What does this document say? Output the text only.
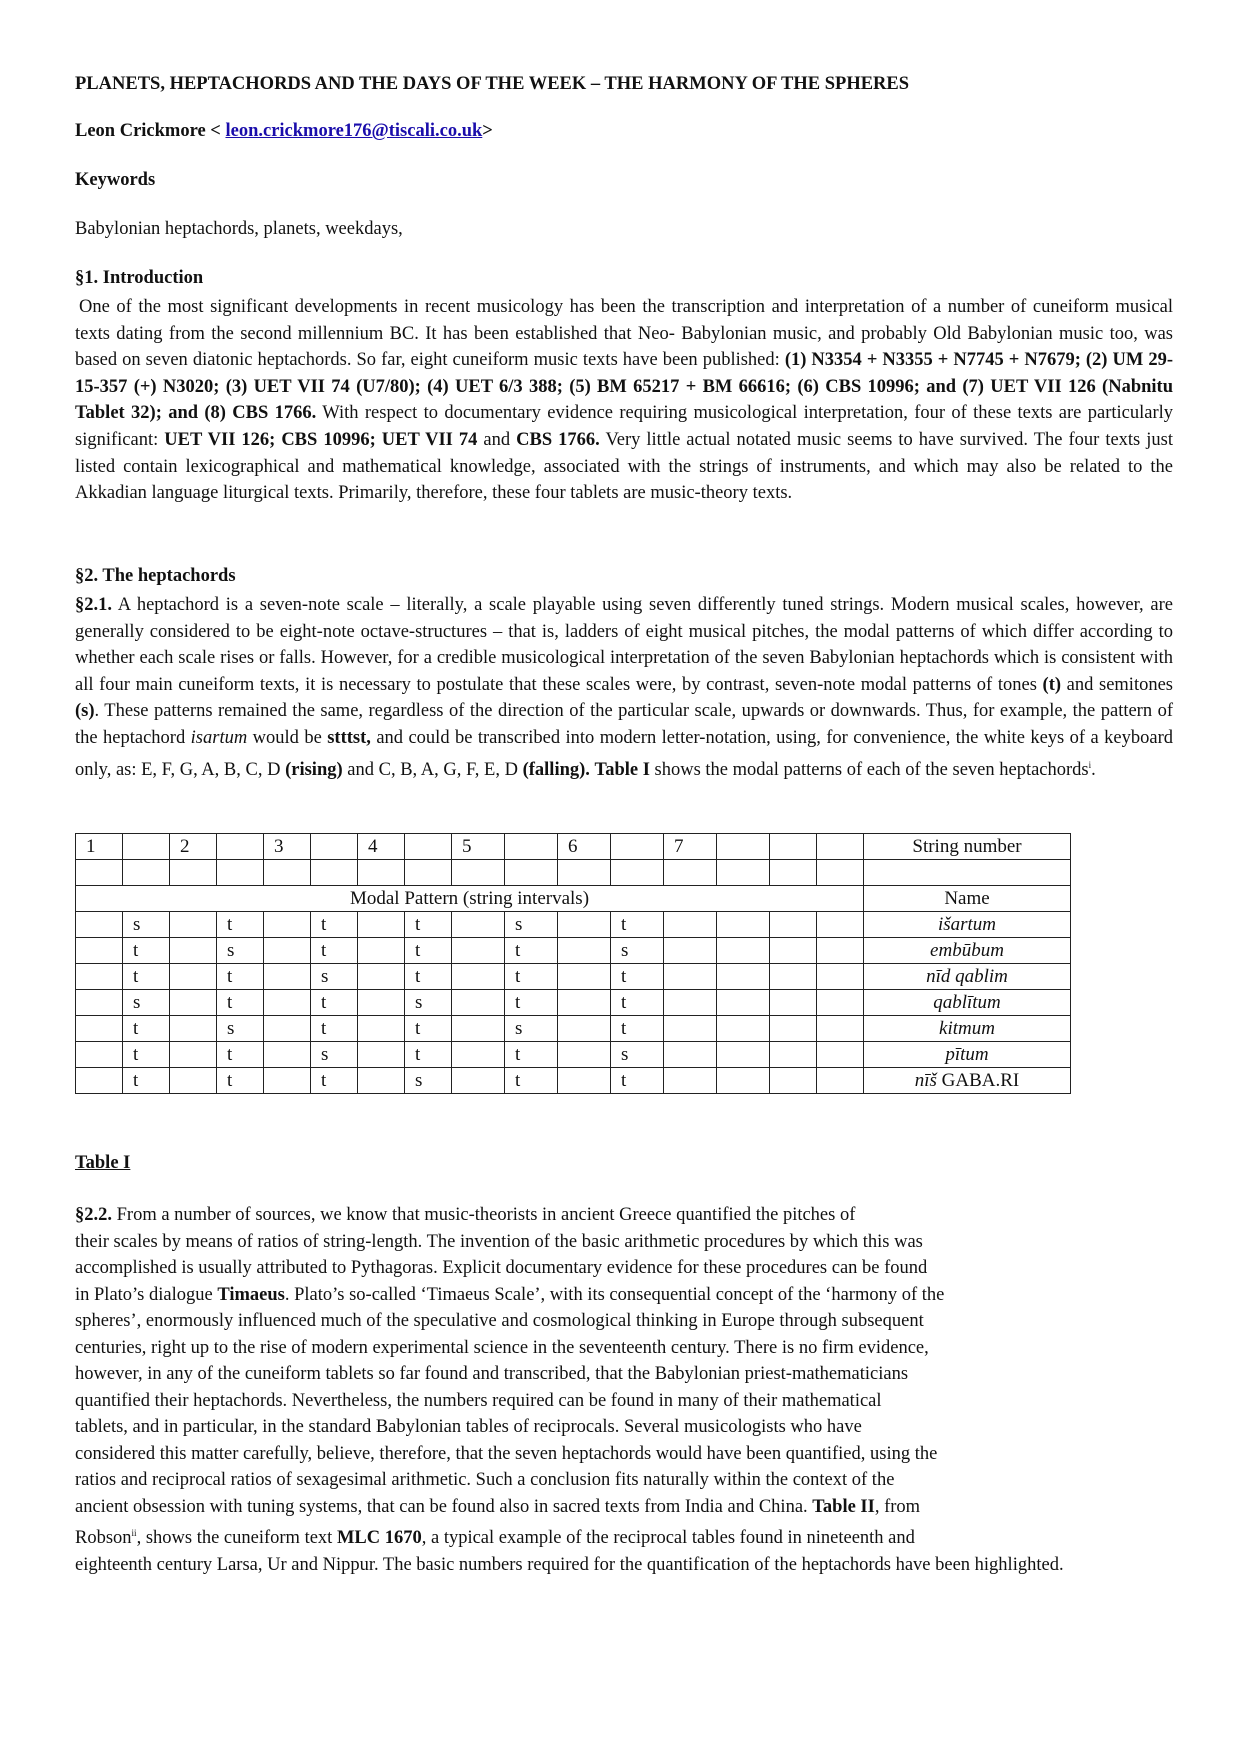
PLANETS, HEPTACHORDS AND THE DAYS OF THE WEEK – THE HARMONY OF THE SPHERES
Leon Crickmore < leon.crickmore176@tiscali.co.uk>
Keywords
Babylonian heptachords, planets, weekdays,
§1. Introduction
One of the most significant developments in recent musicology has been the transcription and interpretation of a number of cuneiform musical texts dating from the second millennium BC. It has been established that Neo- Babylonian music, and probably Old Babylonian music too, was based on seven diatonic heptachords. So far, eight cuneiform music texts have been published: (1) N3354 + N3355 + N7745 + N7679; (2) UM 29-15-357 (+) N3020; (3) UET VII 74 (U7/80); (4) UET 6/3 388; (5) BM 65217 + BM 66616; (6) CBS 10996; and (7) UET VII 126 (Nabnitu Tablet 32); and (8) CBS 1766. With respect to documentary evidence requiring musicological interpretation, four of these texts are particularly significant: UET VII 126; CBS 10996; UET VII 74 and CBS 1766. Very little actual notated music seems to have survived. The four texts just listed contain lexicographical and mathematical knowledge, associated with the strings of instruments, and which may also be related to the Akkadian language liturgical texts. Primarily, therefore, these four tablets are music-theory texts.
§2. The heptachords
§2.1. A heptachord is a seven-note scale – literally, a scale playable using seven differently tuned strings. Modern musical scales, however, are generally considered to be eight-note octave-structures – that is, ladders of eight musical pitches, the modal patterns of which differ according to whether each scale rises or falls. However, for a credible musicological interpretation of the seven Babylonian heptachords which is consistent with all four main cuneiform texts, it is necessary to postulate that these scales were, by contrast, seven-note modal patterns of tones (t) and semitones (s). These patterns remained the same, regardless of the direction of the particular scale, upwards or downwards. Thus, for example, the pattern of the heptachord isartum would be stttst, and could be transcribed into modern letter-notation, using, for convenience, the white keys of a keyboard only, as: E, F, G, A, B, C, D (rising) and C, B, A, G, F, E, D (falling). Table I shows the modal patterns of each of the seven heptachords$^i$.
1		2		3		4		5		6		7				String number

Modal Pattern (string intervals)																Name
	s		t		t		t		s		t					išartum
	t		s		t		t		t		s					embūbum
	t		t		s		t		t		t					nīd qablim
	s		t		t		s		t		t					qablītum
	t		s		t		t		s		t					kitmum
	t		t		s		t		t		s					pītum
	t		t		t		s		t		t					nīš GABA.RI
Table I
§2.2. From a number of sources, we know that music-theorists in ancient Greece quantified the pitches of
their scales by means of ratios of string-length. The invention of the basic arithmetic procedures by which this was
accomplished is usually attributed to Pythagoras. Explicit documentary evidence for these procedures can be found
in Plato’s dialogue Timaeus. Plato’s so-called ‘Timaeus Scale’, with its consequential concept of the ‘harmony of the
spheres’, enormously influenced much of the speculative and cosmological thinking in Europe through subsequent
centuries, right up to the rise of modern experimental science in the seventeenth century. There is no firm evidence,
however, in any of the cuneiform tablets so far found and transcribed, that the Babylonian priest-mathematicians
quantified their heptachords. Nevertheless, the numbers required can be found in many of their mathematical
tablets, and in particular, in the standard Babylonian tables of reciprocals. Several musicologists who have
considered this matter carefully, believe, therefore, that the seven heptachords would have been quantified, using the
ratios and reciprocal ratios of sexagesimal arithmetic. Such a conclusion fits naturally within the context of the
ancient obsession with tuning systems, that can be found also in sacred texts from India and China. Table II, from
Robson$^{ii}$, shows the cuneiform text MLC 1670, a typical example of the reciprocal tables found in nineteenth and
eighteenth century Larsa, Ur and Nippur. The basic numbers required for the quantification of the heptachords have been highlighted.
